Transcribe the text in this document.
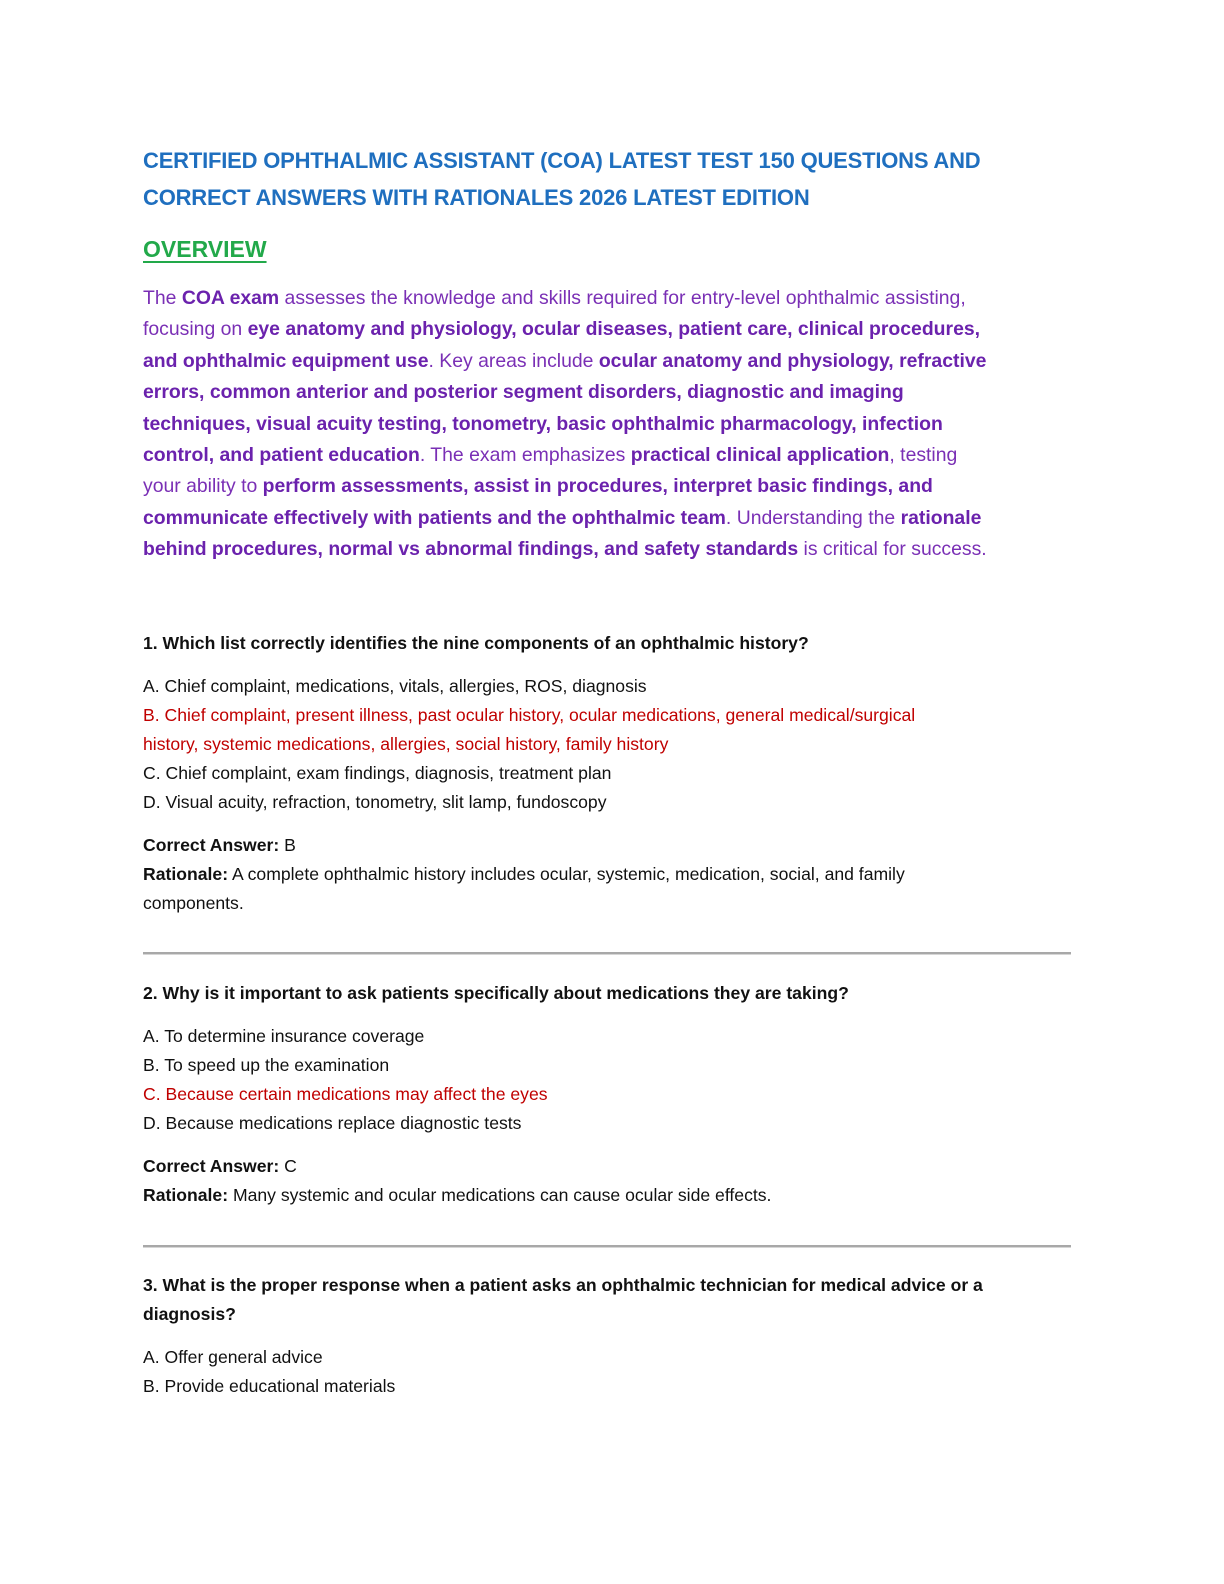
CERTIFIED OPHTHALMIC ASSISTANT (COA) LATEST TEST 150 QUESTIONS AND
CORRECT ANSWERS WITH RATIONALES 2026 LATEST EDITION
OVERVIEW
The COA exam assesses the knowledge and skills required for entry-level ophthalmic assisting,
focusing on eye anatomy and physiology, ocular diseases, patient care, clinical procedures,
and ophthalmic equipment use. Key areas include ocular anatomy and physiology, refractive
errors, common anterior and posterior segment disorders, diagnostic and imaging
techniques, visual acuity testing, tonometry, basic ophthalmic pharmacology, infection
control, and patient education. The exam emphasizes practical clinical application, testing
your ability to perform assessments, assist in procedures, interpret basic findings, and
communicate effectively with patients and the ophthalmic team. Understanding the rationale
behind procedures, normal vs abnormal findings, and safety standards is critical for success.
1. Which list correctly identifies the nine components of an ophthalmic history?
A. Chief complaint, medications, vitals, allergies, ROS, diagnosis
B. Chief complaint, present illness, past ocular history, ocular medications, general medical/surgical
history, systemic medications, allergies, social history, family history
C. Chief complaint, exam findings, diagnosis, treatment plan
D. Visual acuity, refraction, tonometry, slit lamp, fundoscopy
Correct Answer: B
Rationale: A complete ophthalmic history includes ocular, systemic, medication, social, and family
components.
2. Why is it important to ask patients specifically about medications they are taking?
A. To determine insurance coverage
B. To speed up the examination
C. Because certain medications may affect the eyes
D. Because medications replace diagnostic tests
Correct Answer: C
Rationale: Many systemic and ocular medications can cause ocular side effects.
3. What is the proper response when a patient asks an ophthalmic technician for medical advice or a
diagnosis?
A. Offer general advice
B. Provide educational materials
